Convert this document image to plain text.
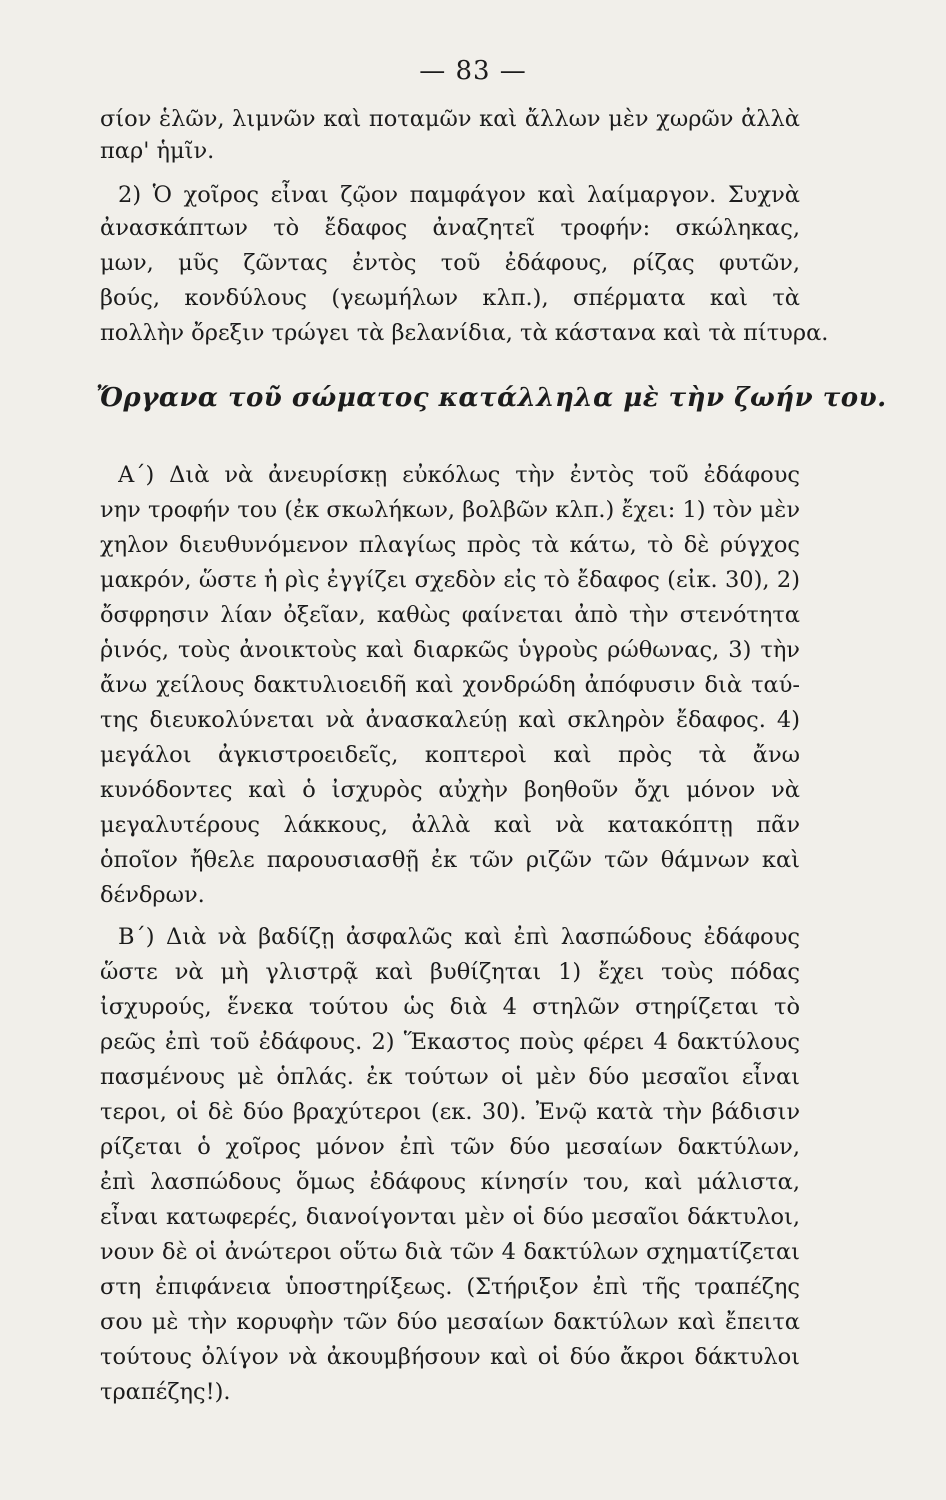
— 83 —
σίον ἑλῶν, λιμνῶν καὶ ποταμῶν καὶ ἄλλων μὲν χωρῶν ἀλλὰ
παρ' ἡμῖν.
2) Ὁ χοῖρος εἶναι ζῷον παμφάγον καὶ λαίμαργον. Συχνὰ
ἀνασκάπτων τὸ ἔδαφος ἀναζητεῖ τροφήν: σκώληκας,
μων, μῦς ζῶντας ἐντὸς τοῦ ἐδάφους, ρίζας φυτῶν,
βούς, κονδύλους (γεωμήλων κλπ.), σπέρματα καὶ τὰ
πολλὴν ὄρεξιν τρώγει τὰ βελανίδια, τὰ κάστανα καὶ τὰ πίτυρα.
Ὄργανα τοῦ σώματος κατάλληλα μὲ τὴν ζωήν του.
Α΄) Διὰ νὰ ἀνευρίσκῃ εὐκόλως τὴν ἐντὸς τοῦ ἐδάφους
νην τροφήν του (ἐκ σκωλήκων, βολβῶν κλπ.) ἔχει: 1) τὸν μὲν
χηλον διευθυνόμενον πλαγίως πρὸς τὰ κάτω, τὸ δὲ ρύγχος
μακρόν, ὥστε ἡ ρὶς ἐγγίζει σχεδὸν εἰς τὸ ἔδαφος (εἰκ. 30), 2)
ὄσφρησιν λίαν ὀξεῖαν, καθὼς φαίνεται ἀπὸ τὴν στενότητα
ῥινός, τοὺς ἀνοικτοὺς καὶ διαρκῶς ὑγροὺς ρώθωνας, 3) τὴν
ἄνω χείλους δακτυλιοειδῆ καὶ χονδρώδη ἀπόφυσιν διὰ ταύ-
της διευκολύνεται νὰ ἀνασκαλεύῃ καὶ σκληρὸν ἔδαφος. 4)
μεγάλοι ἀγκιστροειδεῖς, κοπτεροὶ καὶ πρὸς τὰ ἄνω
κυνόδοντες καὶ ὁ ἰσχυρὸς αὐχὴν βοηθοῦν ὄχι μόνον νὰ
μεγαλυτέρους λάκκους, ἀλλὰ καὶ νὰ κατακόπτῃ πᾶν
ὁποῖον ἤθελε παρουσιασθῇ ἐκ τῶν ριζῶν τῶν θάμνων καὶ
δένδρων.
Β΄) Διὰ νὰ βαδίζῃ ἀσφαλῶς καὶ ἐπὶ λασπώδους ἐδάφους
ὥστε νὰ μὴ γλιστρᾷ καὶ βυθίζηται 1) ἔχει τοὺς πόδας
ἰσχυρούς, ἕνεκα τούτου ὡς διὰ 4 στηλῶν στηρίζεται τὸ
ρεῶς ἐπὶ τοῦ ἐδάφους. 2) Ἕκαστος ποὺς φέρει 4 δακτύλους
πασμένους μὲ ὁπλάς. ἐκ τούτων οἱ μὲν δύο μεσαῖοι εἶναι
τεροι, οἱ δὲ δύο βραχύτεροι (εκ. 30). Ἐνῷ κατὰ τὴν βάδισιν
ρίζεται ὁ χοῖρος μόνον ἐπὶ τῶν δύο μεσαίων δακτύλων,
ἐπὶ λασπώδους ὅμως ἐδάφους κίνησίν του, καὶ μάλιστα,
εἶναι κατωφερές, διανοίγονται μὲν οἱ δύο μεσαῖοι δάκτυλοι,
νουν δὲ οἱ ἀνώτεροι οὕτω διὰ τῶν 4 δακτύλων σχηματίζεται
στη ἐπιφάνεια ὑποστηρίξεως. (Στήριξον ἐπὶ τῆς τραπέζης
σου μὲ τὴν κορυφὴν τῶν δύο μεσαίων δακτύλων καὶ ἔπειτα
τούτους ὀλίγον νὰ ἀκουμβήσουν καὶ οἱ δύο ἄκροι δάκτυλοι
τραπέζης!).
